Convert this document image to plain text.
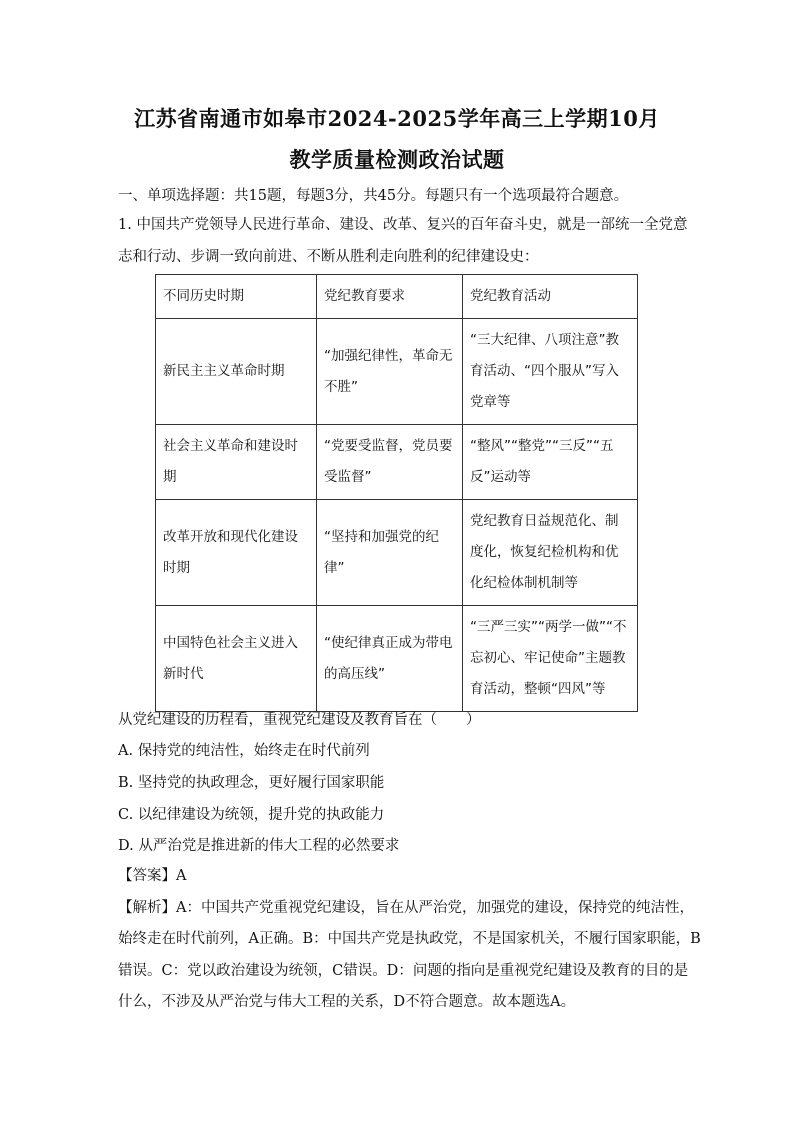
江苏省南通市如皋市2024-2025学年高三上学期10月
教学质量检测政治试题
一、单项选择题：共15题，每题3分，共45分。每题只有一个选项最符合题意。
1. 中国共产党领导人民进行革命、建设、改革、复兴的百年奋斗史，就是一部统一全党意
志和行动、步调一致向前进、不断从胜利走向胜利的纪律建设史：
不同历史时期	党纪教育要求	党纪教育活动
新民主主义革命时期	“加强纪律性，革命无不胜”	“三大纪律、八项注意”教育活动、“四个服从”写入党章等
社会主义革命和建设时期	“党要受监督，党员要受监督”	“整风”“整党”“三反”“五反”运动等
改革开放和现代化建设时期	“坚持和加强党的纪律”	党纪教育日益规范化、制度化，恢复纪检机构和优化纪检体制机制等
中国特色社会主义进入新时代	“使纪律真正成为带电的高压线”	“三严三实”“两学一做”“不忘初心、牢记使命”主题教育活动，整顿“四风”等
从党纪建设的历程看，重视党纪建设及教育旨在（　　）
A. 保持党的纯洁性，始终走在时代前列
B. 坚持党的执政理念，更好履行国家职能
C. 以纪律建设为统领，提升党的执政能力
D. 从严治党是推进新的伟大工程的必然要求
【答案】A
【解析】A：中国共产党重视党纪建设，旨在从严治党，加强党的建设，保持党的纯洁性，
始终走在时代前列，A正确。B：中国共产党是执政党，不是国家机关，不履行国家职能，B
错误。C：党以政治建设为统领，C错误。D：问题的指向是重视党纪建设及教育的目的是
什么，不涉及从严治党与伟大工程的关系，D不符合题意。故本题选A。
